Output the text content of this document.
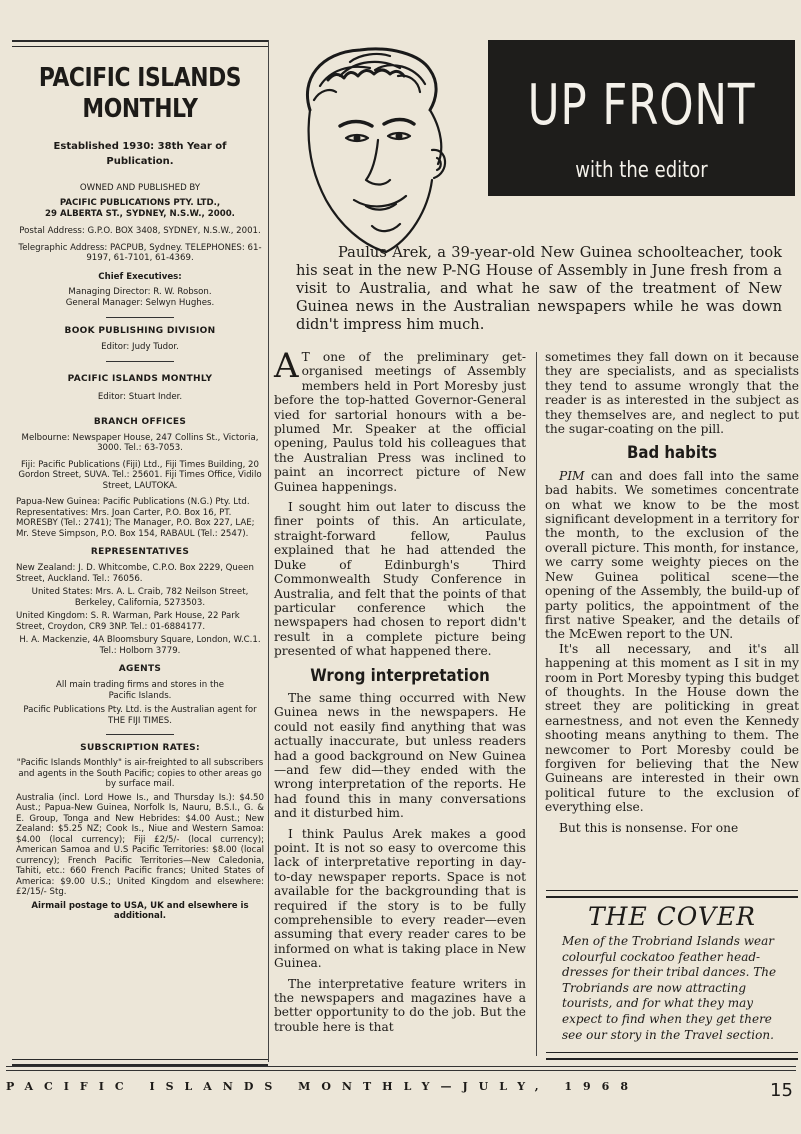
PACIFIC ISLANDS MONTHLY

Established 1930: 38th Year of Publication.

OWNED AND PUBLISHED BY

PACIFIC PUBLICATIONS PTY. LTD.,

29 ALBERTA ST., SYDNEY, N.S.W., 2000.

Postal Address: G.P.O. BOX 3408, SYDNEY, N.S.W., 2001.

Telegraphic Address: PACPUB, Sydney. TELEPHONES: 61-9197, 61-7101, 61-4369.

Chief Executives:

Managing Director: R. W. Robson.

General Manager: Selwyn Hughes.

BOOK PUBLISHING DIVISION

Editor: Judy Tudor.

PACIFIC ISLANDS MONTHLY

Editor: Stuart Inder.

BRANCH OFFICES

Melbourne: Newspaper House, 247 Collins St., Victoria, 3000. Tel.: 63-7053.

Fiji: Pacific Publications (Fiji) Ltd., Fiji Times Building, 20 Gordon Street, SUVA. Tel.: 25601. Fiji Times Office, Vidilo Street, LAUTOKA.

Papua-New Guinea: Pacific Publications (N.G.) Pty. Ltd. Representatives: Mrs. Joan Carter, P.O. Box 16, PT. MORESBY (Tel.: 2741); The Manager, P.O. Box 227, LAE; Mr. Steve Simpson, P.O. Box 154, RABAUL (Tel.: 2547).

REPRESENTATIVES

New Zealand: J. D. Whitcombe, C.P.O. Box 2229, Queen Street, Auckland. Tel.: 76056.

United States: Mrs. A. L. Craib, 782 Neilson Street, Berkeley, California, 5273503.

United Kingdom: S. R. Warman, Park House, 22 Park Street, Croydon, CR9 3NP. Tel.: 01-6884177.

H. A. Mackenzie, 4A Bloomsbury Square, London, W.C.1. Tel.: Holborn 3779.

AGENTS

All main trading firms and stores in the Pacific Islands.

Pacific Publications Pty. Ltd. is the Australian agent for THE FIJI TIMES.

SUBSCRIPTION RATES:

"Pacific Islands Monthly" is air-freighted to all subscribers and agents in the South Pacific; copies to other areas go by surface mail.

Australia (incl. Lord Howe Is., and Thursday Is.): $4.50 Aust.; Papua-New Guinea, Norfolk Is, Nauru, B.S.I., G. & E. Group, Tonga and New Hebrides: $4.00 Aust.; New Zealand: $5.25 NZ; Cook Is., Niue and Western Samoa: $4.00 (local currency); Fiji £2/5/- (local currency); American Samoa and U.S Pacific Territories: $8.00 (local currency); French Pacific Territories—New Caledonia, Tahiti, etc.: 660 French Pacific francs; United States of America: $9.00 U.S.; United Kingdom and elsewhere: £2/15/- Stg.

Airmail postage to USA, UK and elsewhere is additional.

UP FRONT
with the editor
Paulus Arek, a 39-year-old New Guinea schoolteacher, took his seat in the new P-NG House of Assembly in June fresh from a visit to Australia, and what he saw of the treatment of New Guinea news in the Australian newspapers while he was down didn't impress him much.

A T one of the preliminary get-organised meetings of Assembly members held in Port Moresby just before the top-hatted Governor-General vied for sartorial honours with a be-plumed Mr. Speaker at the official opening, Paulus told his colleagues that the Australian Press was inclined to paint an incorrect picture of New Guinea happenings.

I sought him out later to discuss the finer points of this. An articulate, straight-forward fellow, Paulus explained that he had attended the Duke of Edinburgh's Third Commonwealth Study Conference in Australia, and felt that the points of that particular conference which the newspapers had chosen to report didn't result in a complete picture being presented of what happened there.

Wrong interpretation

The same thing occurred with New Guinea news in the newspapers. He could not easily find anything that was actually inaccurate, but unless readers had a good background on New Guinea—and few did—they ended with the wrong interpretation of the reports. He had found this in many conversations and it disturbed him.

I think Paulus Arek makes a good point. It is not so easy to overcome this lack of interpretative reporting in day-to-day newspaper reports. Space is not available for the backgrounding that is required if the story is to be fully comprehensible to every reader—even assuming that every reader cares to be informed on what is taking place in New Guinea.

The interpretative feature writers in the newspapers and magazines have a better opportunity to do the job. But the trouble here is that

sometimes they fall down on it because they are specialists, and as specialists they tend to assume wrongly that the reader is as interested in the subject as they themselves are, and neglect to put the sugar-coating on the pill.

Bad habits

PIM can and does fall into the same bad habits. We sometimes concentrate on what we know to be the most significant development in a territory for the month, to the exclusion of the overall picture. This month, for instance, we carry some weighty pieces on the New Guinea political scene—the opening of the Assembly, the build-up of party politics, the appointment of the first native Speaker, and the details of the McEwen report to the UN.

It's all necessary, and it's all happening at this moment as I sit in my room in Port Moresby typing this budget of thoughts. In the House down the street they are politicking in great earnestness, and not even the Kennedy shooting means anything to them. The newcomer to Port Moresby could be forgiven for believing that the New Guineans are interested in their own political future to the exclusion of everything else.

But this is nonsense. For one

THE COVER
Men of the Trobriand Islands wear colourful cockatoo feather head-dresses for their tribal dances. The Trobriands are now attracting tourists, and for what they may expect to find when they get there see our story in the Travel section.
PACIFIC ISLANDS MONTHLY—JULY, 1968	15
